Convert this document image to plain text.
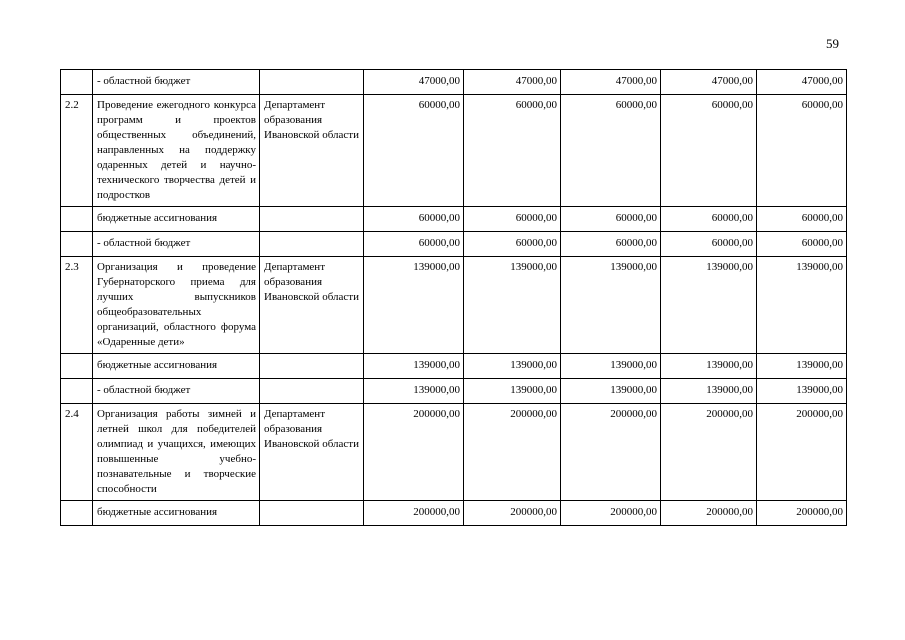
59
	- областной бюджет		47000,00	47000,00	47000,00	47000,00	47000,00
2.2	Проведение ежегодного конкурса программ и проектов общественных объединений, направленных на поддержку одаренных детей и научно-технического творчества детей и подростков	Департамент образования Ивановской области	60000,00	60000,00	60000,00	60000,00	60000,00
	бюджетные ассигнования		60000,00	60000,00	60000,00	60000,00	60000,00
	- областной бюджет		60000,00	60000,00	60000,00	60000,00	60000,00
2.3	Организация и проведение Губернаторского приема для лучших выпускников общеобразовательных организаций, областного форума «Одаренные дети»	Департамент образования Ивановской области	139000,00	139000,00	139000,00	139000,00	139000,00
	бюджетные ассигнования		139000,00	139000,00	139000,00	139000,00	139000,00
	- областной бюджет		139000,00	139000,00	139000,00	139000,00	139000,00
2.4	Организация работы зимней и летней школ для победителей олимпиад и учащихся, имеющих повышенные учебно-познавательные и творческие способности	Департамент образования Ивановской области	200000,00	200000,00	200000,00	200000,00	200000,00
	бюджетные ассигнования		200000,00	200000,00	200000,00	200000,00	200000,00
